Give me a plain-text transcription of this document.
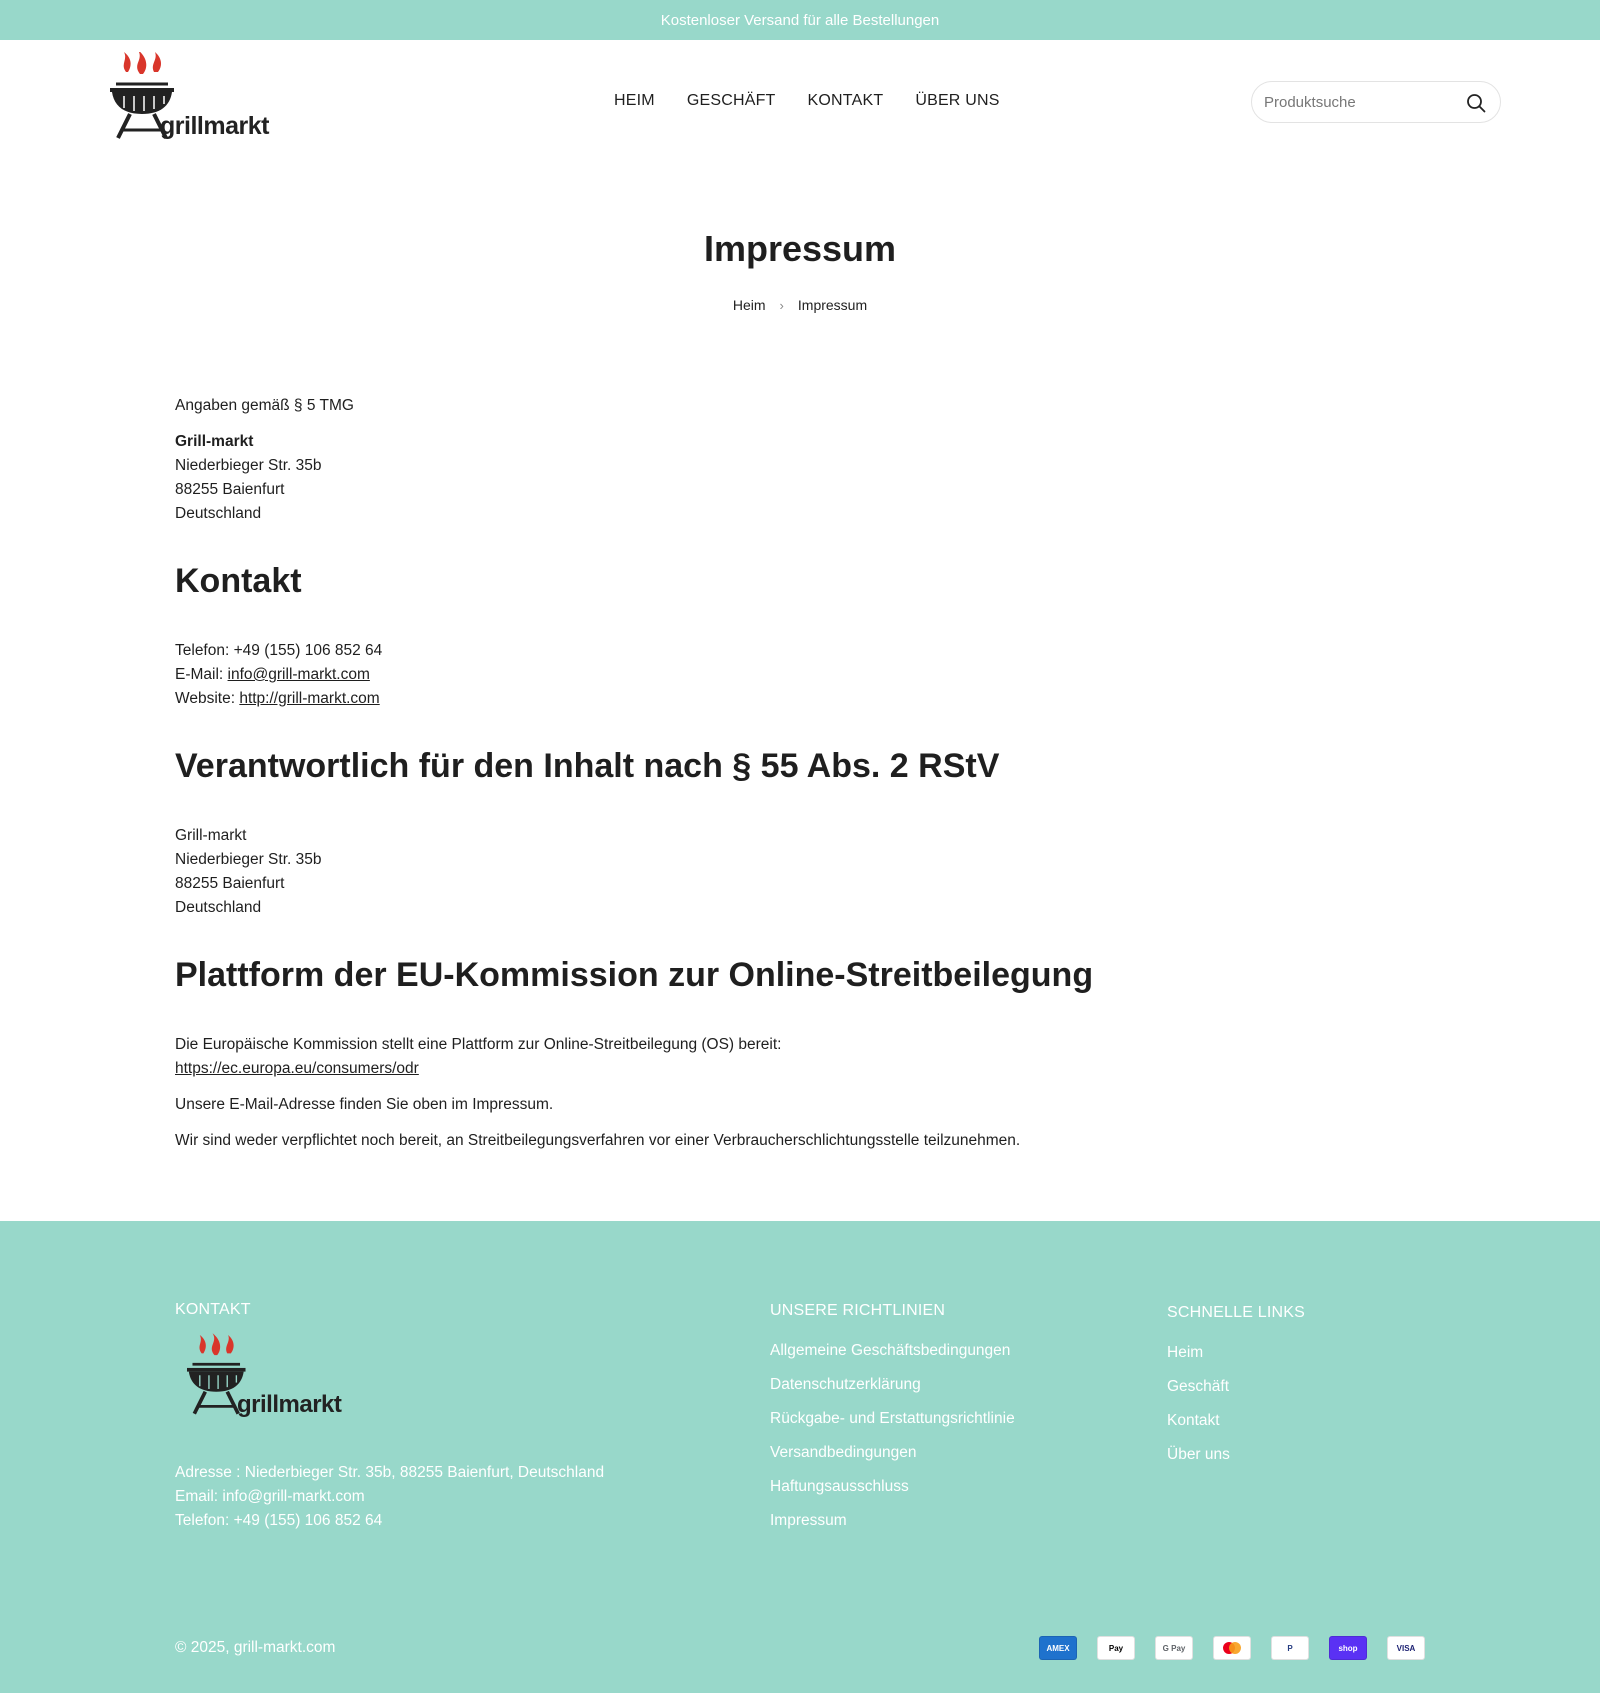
Kostenloser Versand für alle Bestellungen
grillmarkt
HEIM GESCHÄFT KONTAKT ÜBER UNS
Produktsuche
Impressum
Heim › Impressum

Angaben gemäß § 5 TMG

Grill-markt
Niederbieger Str. 35b
88255 Baienfurt
Deutschland

Kontakt

Telefon: +49 (155) 106 852 64
E-Mail: info@grill-markt.com
Website: http://grill-markt.com

Verantwortlich für den Inhalt nach § 55 Abs. 2 RStV

Grill-markt
Niederbieger Str. 35b
88255 Baienfurt
Deutschland

Plattform der EU-Kommission zur Online-Streitbeilegung

Die Europäische Kommission stellt eine Plattform zur Online-Streitbeilegung (OS) bereit:
https://ec.europa.eu/consumers/odr

Unsere E-Mail-Adresse finden Sie oben im Impressum.

Wir sind weder verpflichtet noch bereit, an Streitbeilegungsverfahren vor einer Verbraucherschlichtungsstelle teilzunehmen.

KONTAKT
grillmarkt
Adresse : Niederbieger Str. 35b, 88255 Baienfurt, Deutschland
Email: info@grill-markt.com
Telefon: +49 (155) 106 852 64
UNSERE RICHTLINIEN
Allgemeine Geschäftsbedingungen
Datenschutzerklärung
Rückgabe- und Erstattungsrichtlinie
Versandbedingungen
Haftungsausschluss
Impressum
SCHNELLE LINKS
Heim
Geschäft
Kontakt
Über uns
© 2025, grill-markt.com	AMEX	Pay	G Pay	P	shop	VISA
